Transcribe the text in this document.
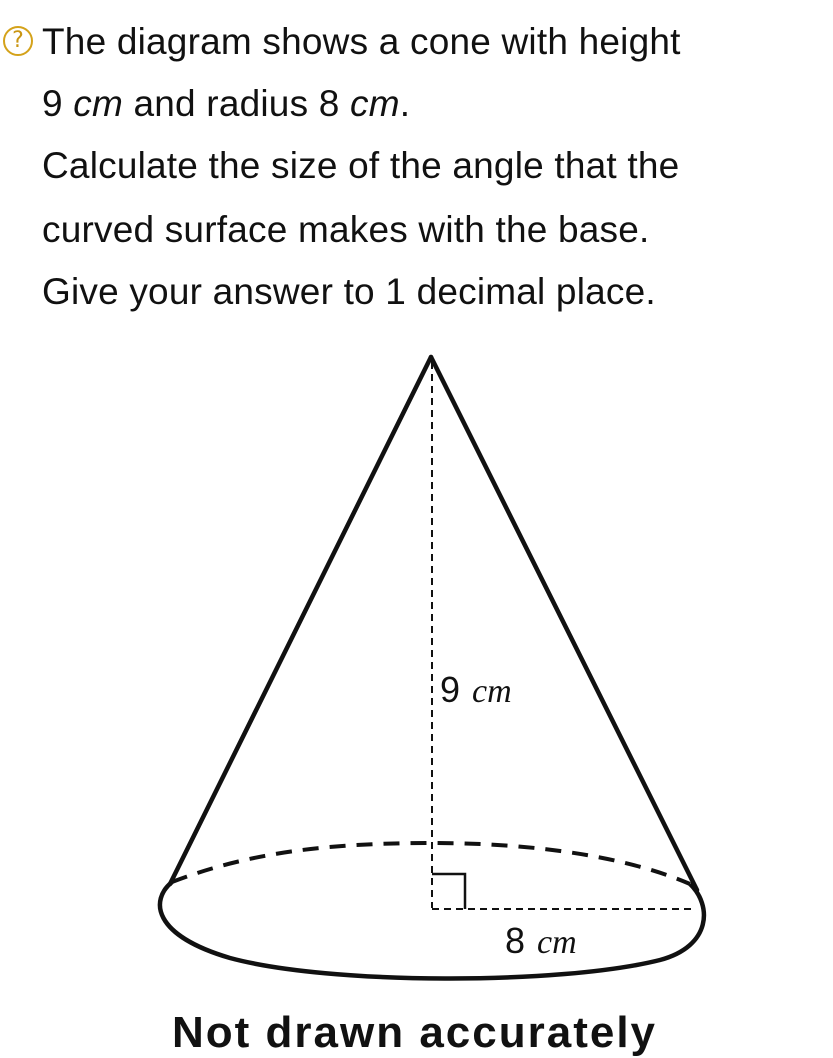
? The diagram shows a cone with height
9 cm and radius 8 cm.
Calculate the size of the angle that the
curved surface makes with the base.
Give your answer to 1 decimal place.
9 cm
8 cm
Not drawn accurately
